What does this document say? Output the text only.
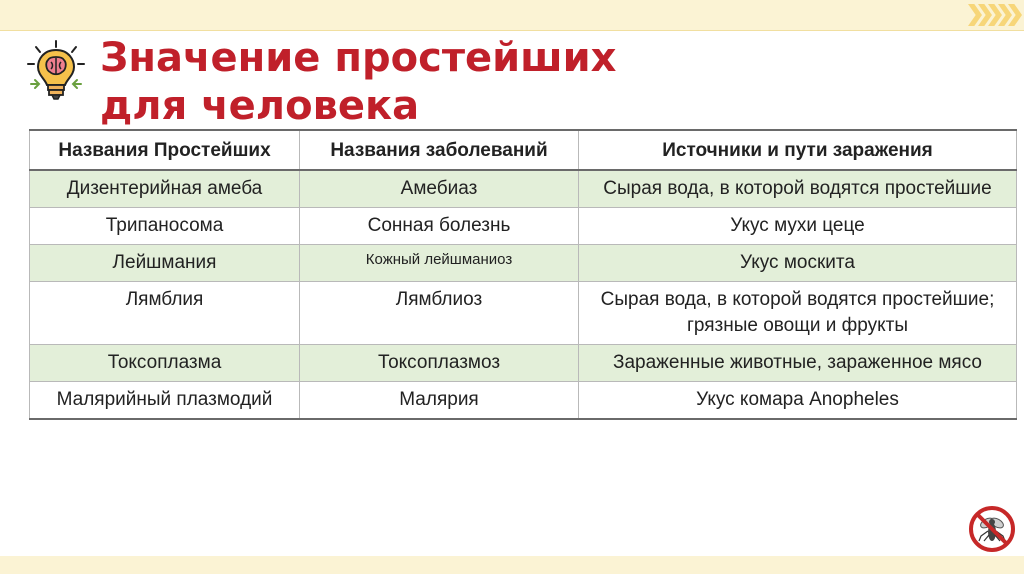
Значение простейших
для человека
Названия Простейших	Названия заболеваний	Источники и пути заражения
Дизентерийная амеба	Амебиаз	Сырая вода, в которой водятся простейшие
Трипаносома	Сонная болезнь	Укус мухи цеце
Лейшмания	Кожный лейшманиоз	Укус москита
Лямблия	Лямблиоз	Сырая вода, в которой водятся простейшие; грязные овощи и фрукты
Токсоплазма	Токсоплазмоз	Зараженные животные, зараженное мясо
Малярийный плазмодий	Малярия	Укус комара Anopheles
